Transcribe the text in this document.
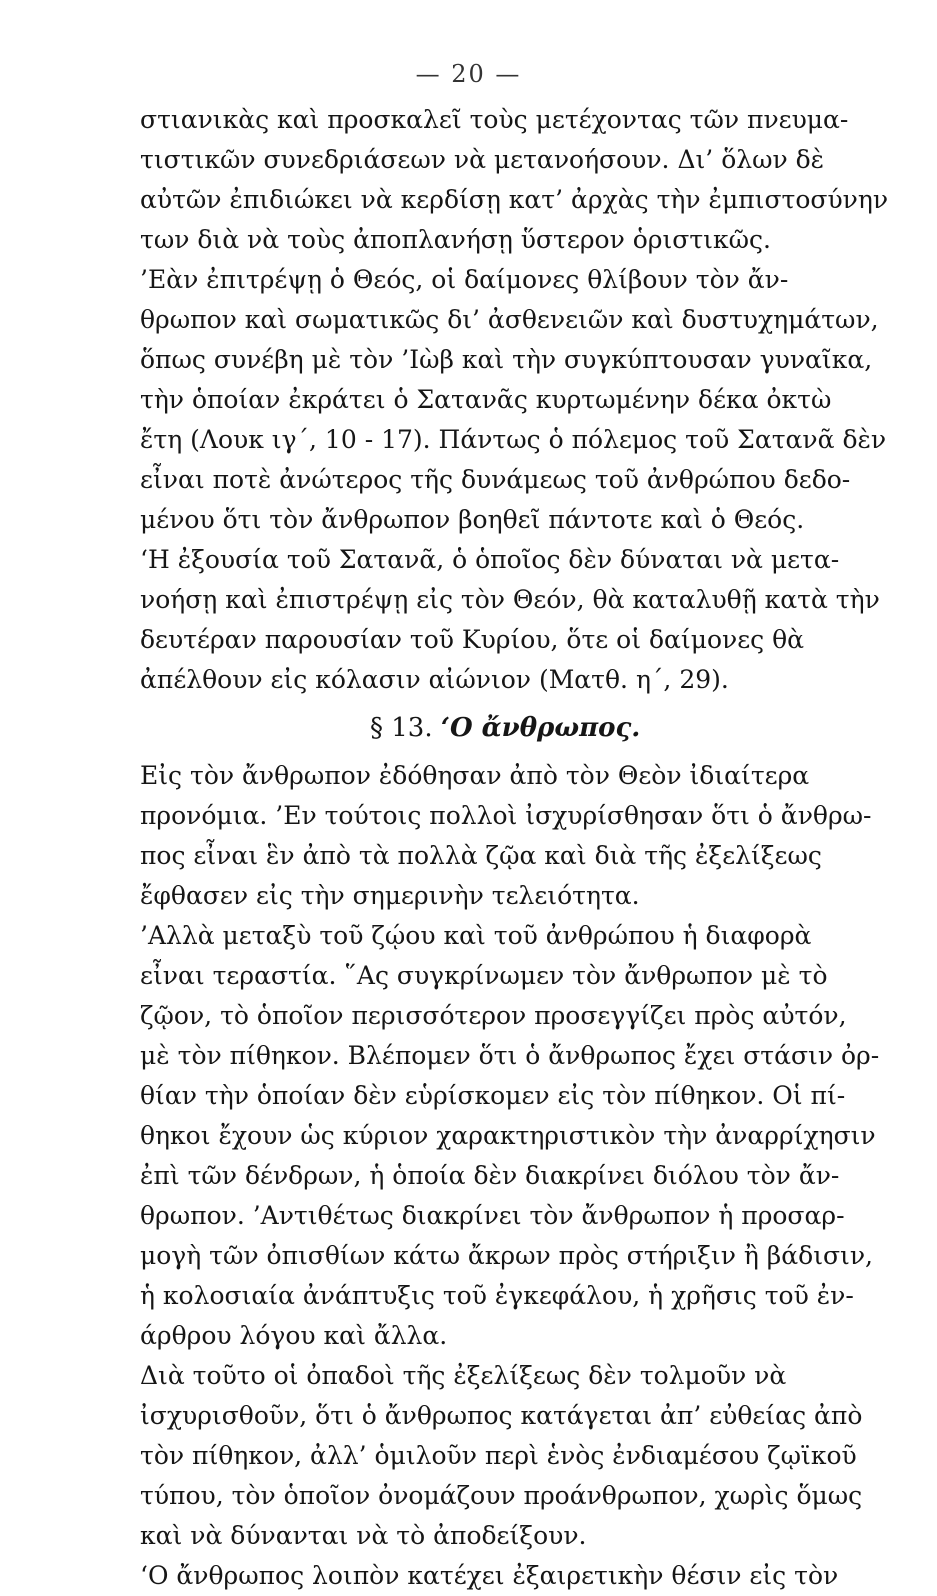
— 20 —
στιανικὰς καὶ προσκαλεῖ τοὺς μετέχοντας τῶν πνευμα-
τιστικῶν συνεδριάσεων νὰ μετανοήσουν. Δι’ ὅλων δὲ
αὐτῶν ἐπιδιώκει νὰ κερδίσῃ κατ’ ἀρχὰς τὴν ἐμπιστοσύνην
των διὰ νὰ τοὺς ἀποπλανήσῃ ὕστερον ὁριστικῶς.
’Εὰν ἐπιτρέψῃ ὁ Θεός, οἱ δαίμονες θλίβουν τὸν ἄν-
θρωπον καὶ σωματικῶς δι’ ἀσθενειῶν καὶ δυστυχημάτων,
ὅπως συνέβη μὲ τὸν ’Ιὼβ καὶ τὴν συγκύπτουσαν γυναῖκα,
τὴν ὁποίαν ἐκράτει ὁ Σατανᾶς κυρτωμένην δέκα ὀκτὼ
ἔτη (Λουκ ιγ΄, 10 - 17). Πάντως ὁ πόλεμος τοῦ Σατανᾶ δὲν
εἶναι ποτὲ ἀνώτερος τῆς δυνάμεως τοῦ ἀνθρώπου δεδο-
μένου ὅτι τὸν ἄνθρωπον βοηθεῖ πάντοτε καὶ ὁ Θεός.
‘Η ἐξουσία τοῦ Σατανᾶ, ὁ ὁποῖος δὲν δύναται νὰ μετα-
νοήσῃ καὶ ἐπιστρέψῃ εἰς τὸν Θεόν, θὰ καταλυθῇ κατὰ τὴν
δευτέραν παρουσίαν τοῦ Κυρίου, ὅτε οἱ δαίμονες θὰ
ἀπέλθουν εἰς κόλασιν αἰώνιον (Ματθ. η΄, 29).
§ 13. ‘Ο ἄνθρωπος.
Εἰς τὸν ἄνθρωπον ἐδόθησαν ἀπὸ τὸν Θεὸν ἰδιαίτερα
προνόμια. ’Εν τούτοις πολλοὶ ἰσχυρίσθησαν ὅτι ὁ ἄνθρω-
πος εἶναι ἓν ἀπὸ τὰ πολλὰ ζῷα καὶ διὰ τῆς ἐξελίξεως
ἔφθασεν εἰς τὴν σημερινὴν τελειότητα.
’Αλλὰ μεταξὺ τοῦ ζῴου καὶ τοῦ ἀνθρώπου ἡ διαφορὰ
εἶναι τεραστία. ῞Ας συγκρίνωμεν τὸν ἄνθρωπον μὲ τὸ
ζῷον, τὸ ὁποῖον περισσότερον προσεγγίζει πρὸς αὐτόν,
μὲ τὸν πίθηκον. Βλέπομεν ὅτι ὁ ἄνθρωπος ἔχει στάσιν ὀρ-
θίαν τὴν ὁποίαν δὲν εὑρίσκομεν εἰς τὸν πίθηκον. Οἱ πί-
θηκοι ἔχουν ὡς κύριον χαρακτηριστικὸν τὴν ἀναρρίχησιν
ἐπὶ τῶν δένδρων, ἡ ὁποία δὲν διακρίνει διόλου τὸν ἄν-
θρωπον. ’Αντιθέτως διακρίνει τὸν ἄνθρωπον ἡ προσαρ-
μογὴ τῶν ὀπισθίων κάτω ἄκρων πρὸς στήριξιν ἢ βάδισιν,
ἡ κολοσιαία ἀνάπτυξις τοῦ ἐγκεφάλου, ἡ χρῆσις τοῦ ἐν-
άρθρου λόγου καὶ ἄλλα.
Διὰ τοῦτο οἱ ὀπαδοὶ τῆς ἐξελίξεως δὲν τολμοῦν νὰ
ἰσχυρισθοῦν, ὅτι ὁ ἄνθρωπος κατάγεται ἀπ’ εὐθείας ἀπὸ
τὸν πίθηκον, ἀλλ’ ὁμιλοῦν περὶ ἑνὸς ἐνδιαμέσου ζῳϊκοῦ
τύπου, τὸν ὁποῖον ὀνομάζουν προάνθρωπον, χωρὶς ὅμως
καὶ νὰ δύνανται νὰ τὸ ἀποδείξουν.
‘Ο ἄνθρωπος λοιπὸν κατέχει ἐξαιρετικὴν θέσιν εἰς τὸν
